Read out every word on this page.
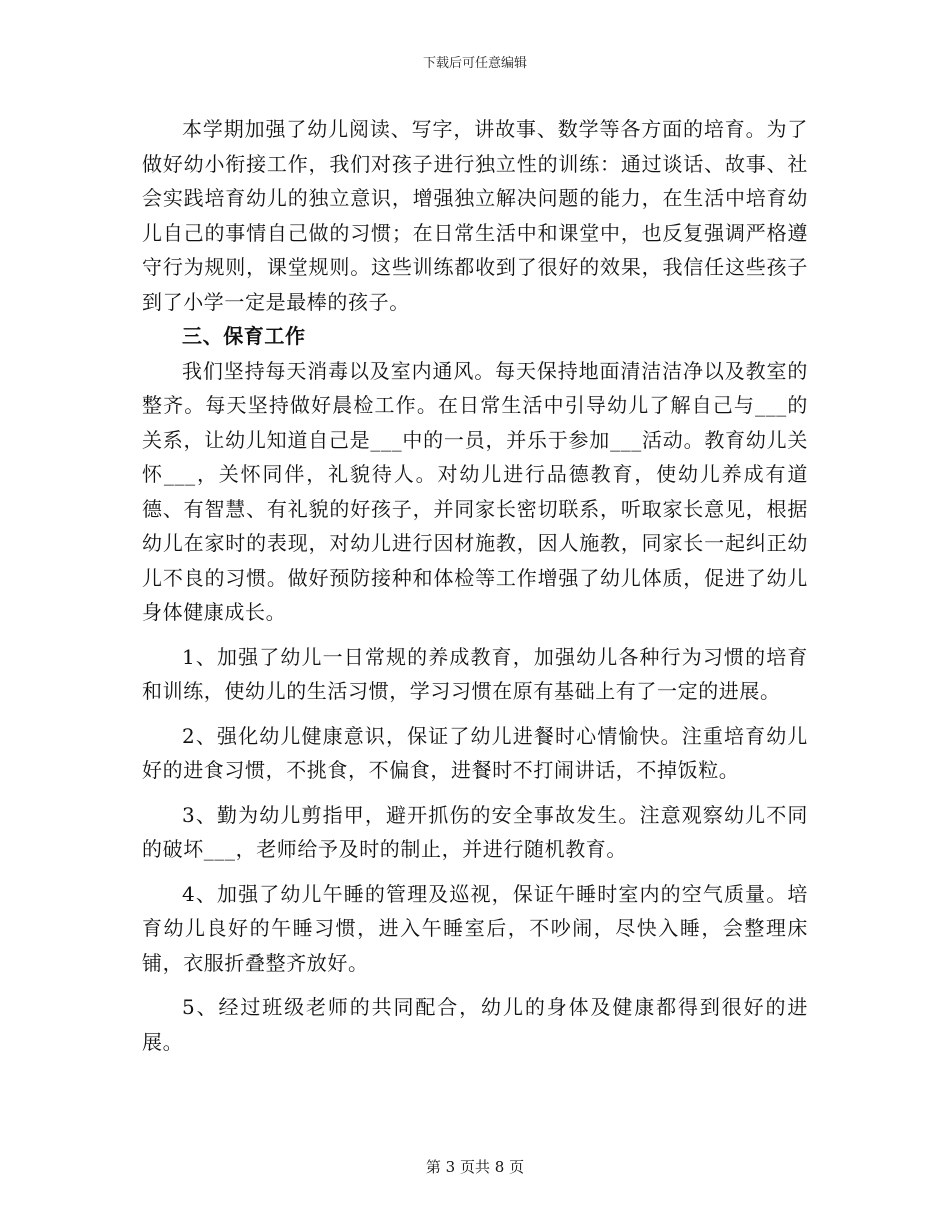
下载后可任意编辑

本学期加强了幼儿阅读、写字，讲故事、数学等各方面的培育。为了做好幼小衔接工作，我们对孩子进行独立性的训练：通过谈话、故事、社会实践培育幼儿的独立意识，增强独立解决问题的能力，在生活中培育幼儿自己的事情自己做的习惯；在日常生活中和课堂中，也反复强调严格遵守行为规则，课堂规则。这些训练都收到了很好的效果，我信任这些孩子到了小学一定是最棒的孩子。

三、保育工作

我们坚持每天消毒以及室内通风。每天保持地面清洁洁净以及教室的整齐。每天坚持做好晨检工作。在日常生活中引导幼儿了解自己与___的关系，让幼儿知道自己是___中的一员，并乐于参加___活动。教育幼儿关怀___，关怀同伴，礼貌待人。对幼儿进行品德教育，使幼儿养成有道德、有智慧、有礼貌的好孩子，并同家长密切联系，听取家长意见，根据幼儿在家时的表现，对幼儿进行因材施教，因人施教，同家长一起纠正幼儿不良的习惯。做好预防接种和体检等工作增强了幼儿体质，促进了幼儿身体健康成长。

1、加强了幼儿一日常规的养成教育，加强幼儿各种行为习惯的培育和训练，使幼儿的生活习惯，学习习惯在原有基础上有了一定的进展。

2、强化幼儿健康意识，保证了幼儿进餐时心情愉快。注重培育幼儿好的进食习惯，不挑食，不偏食，进餐时不打闹讲话，不掉饭粒。

3、勤为幼儿剪指甲，避开抓伤的安全事故发生。注意观察幼儿不同的破坏___，老师给予及时的制止，并进行随机教育。

4、加强了幼儿午睡的管理及巡视，保证午睡时室内的空气质量。培育幼儿良好的午睡习惯，进入午睡室后，不吵闹，尽快入睡，会整理床铺，衣服折叠整齐放好。

5、经过班级老师的共同配合，幼儿的身体及健康都得到很好的进展。

第 3 页共 8 页
